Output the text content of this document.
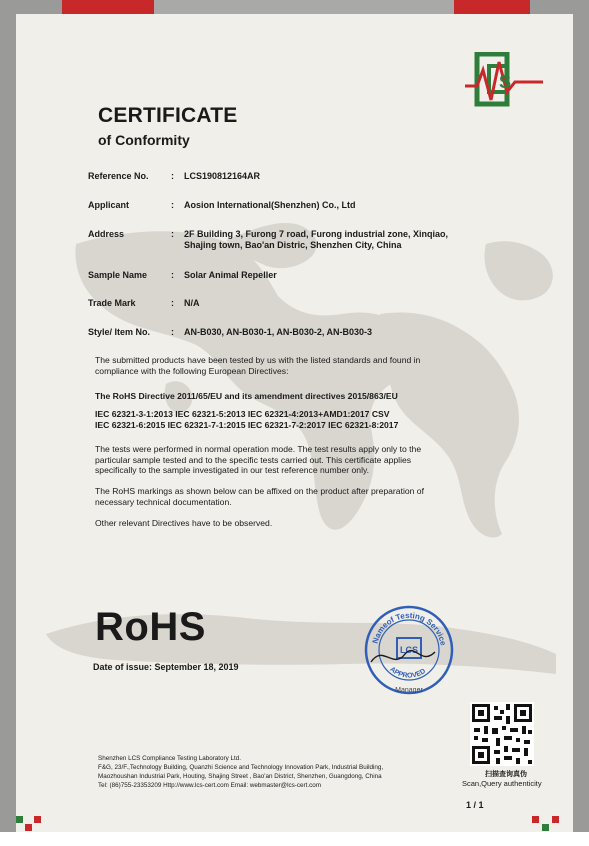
S
CERTIFICATE
of Conformity
Reference No. : LCS190812164AR
Applicant	: Aosion International(Shenzhen) Co., Ltd
Address	: 2F Building 3, Furong 7 road, Furong industrial zone, Xinqiao,
Shajing town, Bao'an Distric, Shenzhen City, China
Sample Name	: Solar Animal Repeller
Trade Mark	: N/A
Style/ Item No. : AN-B030, AN-B030-1, AN-B030-2, AN-B030-3
The submitted products have been tested by us with the listed standards and found in
compliance with the following European Directives:
The RoHS Directive 2011/65/EU and its amendment directives 2015/863/EU
IEC 62321-3-1:2013 IEC 62321-5:2013 IEC 62321-4:2013+AMD1:2017 CSV
IEC 62321-6:2015 IEC 62321-7-1:2015 IEC 62321-7-2:2017 IEC 62321-8:2017
The tests were performed in normal operation mode. The test results apply only to the
particular sample tested and to the specific tests carried out. This certificate applies
specifically to the sample investigated in our test reference number only.
The RoHS markings as shown below can be affixed on the product after preparation of
necessary technical documentation.
Other relevant Directives have to be observed.
RoHS
Date of issue: September 18, 2019
Nameof Testing Service
LCS
APPROVED
Manager
扫描查询真伪
Scan,Query authenticity
Shenzhen LCS Compliance Testing Laboratory Ltd.
F&G, 23/F.,Technology Building, Quanzhi Science and Technology Innovation Park, Industrial Building,
Maozhoushan Industrial Park, Houting, Shajing Street , Bao'an District, Shenzhen, Guangdong, China
Tel: (86)755-23353209 Http://www.lcs-cert.com Email: webmaster@lcs-cert.com
1 / 1
